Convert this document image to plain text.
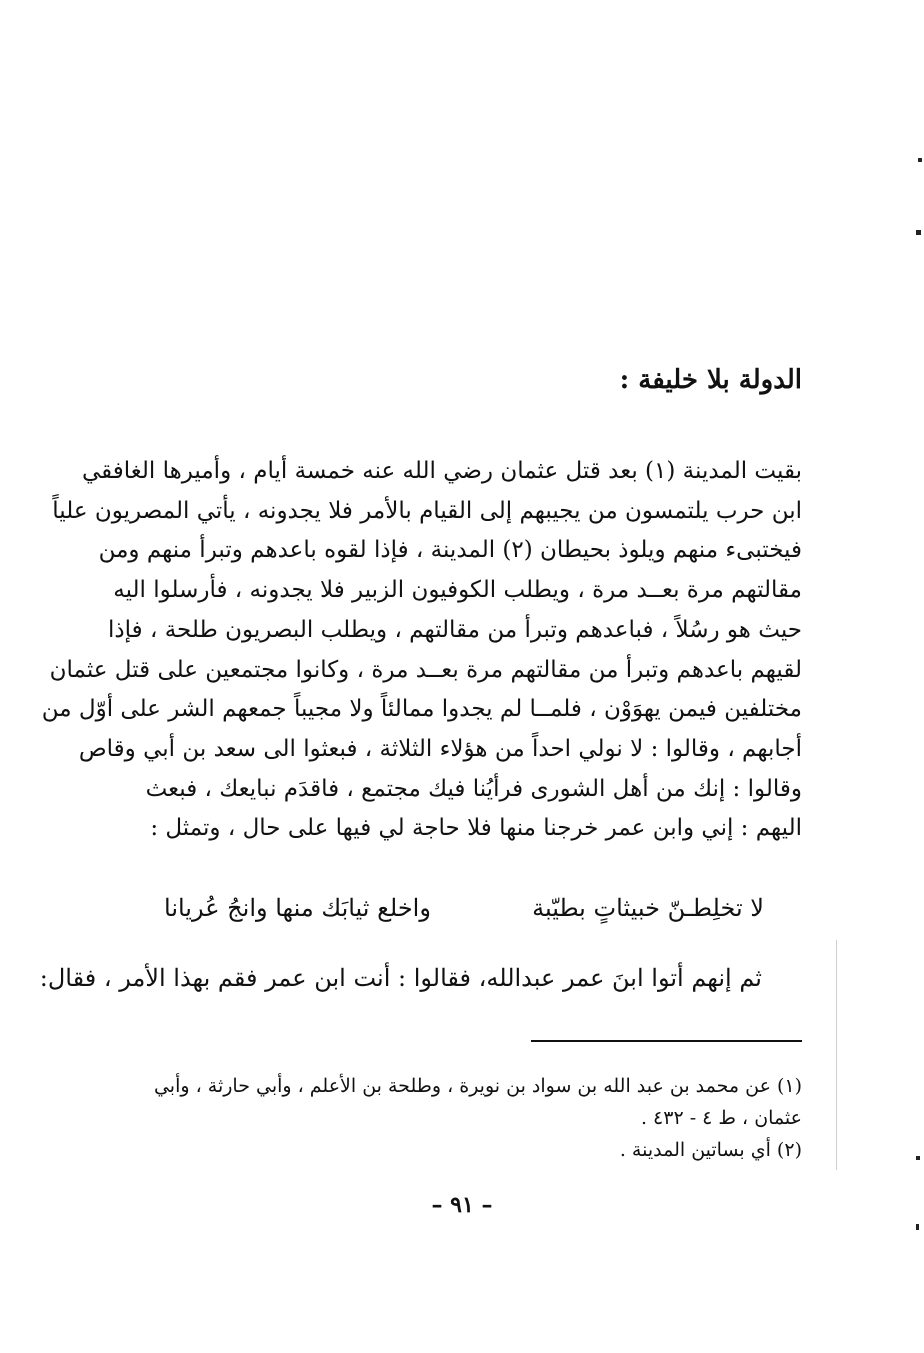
الدولة بلا خليفة :
بقيت المدينة (١) بعد قتل عثمان رضي الله عنه خمسة أيام ، وأميرها الغافقي
ابن حرب يلتمسون من يجيبهم إلى القيام بالأمر فلا يجدونه ، يأتي المصريون علياً
فيختبىء منهم ويلوذ بحيطان (٢) المدينة ، فإذا لقوه باعدهم وتبرأ منهم ومن
مقالتهم مرة بعــد مرة ، ويطلب الكوفيون الزبير فلا يجدونه ، فأرسلوا اليه
حيث هو رسُلاً ، فباعدهم وتبرأ من مقالتهم ، ويطلب البصريون طلحة ، فإذا
لقيهم باعدهم وتبرأ من مقالتهم مرة بعــد مرة ، وكانوا مجتمعين على قتل عثمان
مختلفين فيمن يهوَوْن ، فلمــا لم يجدوا ممالئاً ولا مجيباً جمعهم الشر على أوّل من
أجابهم ، وقالوا : لا نولي احداً من هؤلاء الثلاثة ، فبعثوا الى سعد بن أبي وقاص
وقالوا : إنك من أهل الشورى فرأيُنا فيك مجتمع ، فاقدَم نبايعك ، فبعث
اليهم : إني وابن عمر خرجنا منها فلا حاجة لي فيها على حال ، وتمثل :
لا تخلِطـنّ خبيثاتٍ بطيّبة
واخلع ثيابَك منها وانجُ عُريانا
ثم إنهم أتوا ابنَ عمر عبدالله، فقالوا : أنت ابن عمر فقم بهذا الأمر ، فقال:
(١) عن محمد بن عبد الله بن سواد بن نويرة ، وطلحة بن الأعلم ، وأبي حارثة ، وأبي
عثمان ، ط ٤ - ٤٣٢ .
(٢) أي بساتين المدينة .
– ٩١ –
